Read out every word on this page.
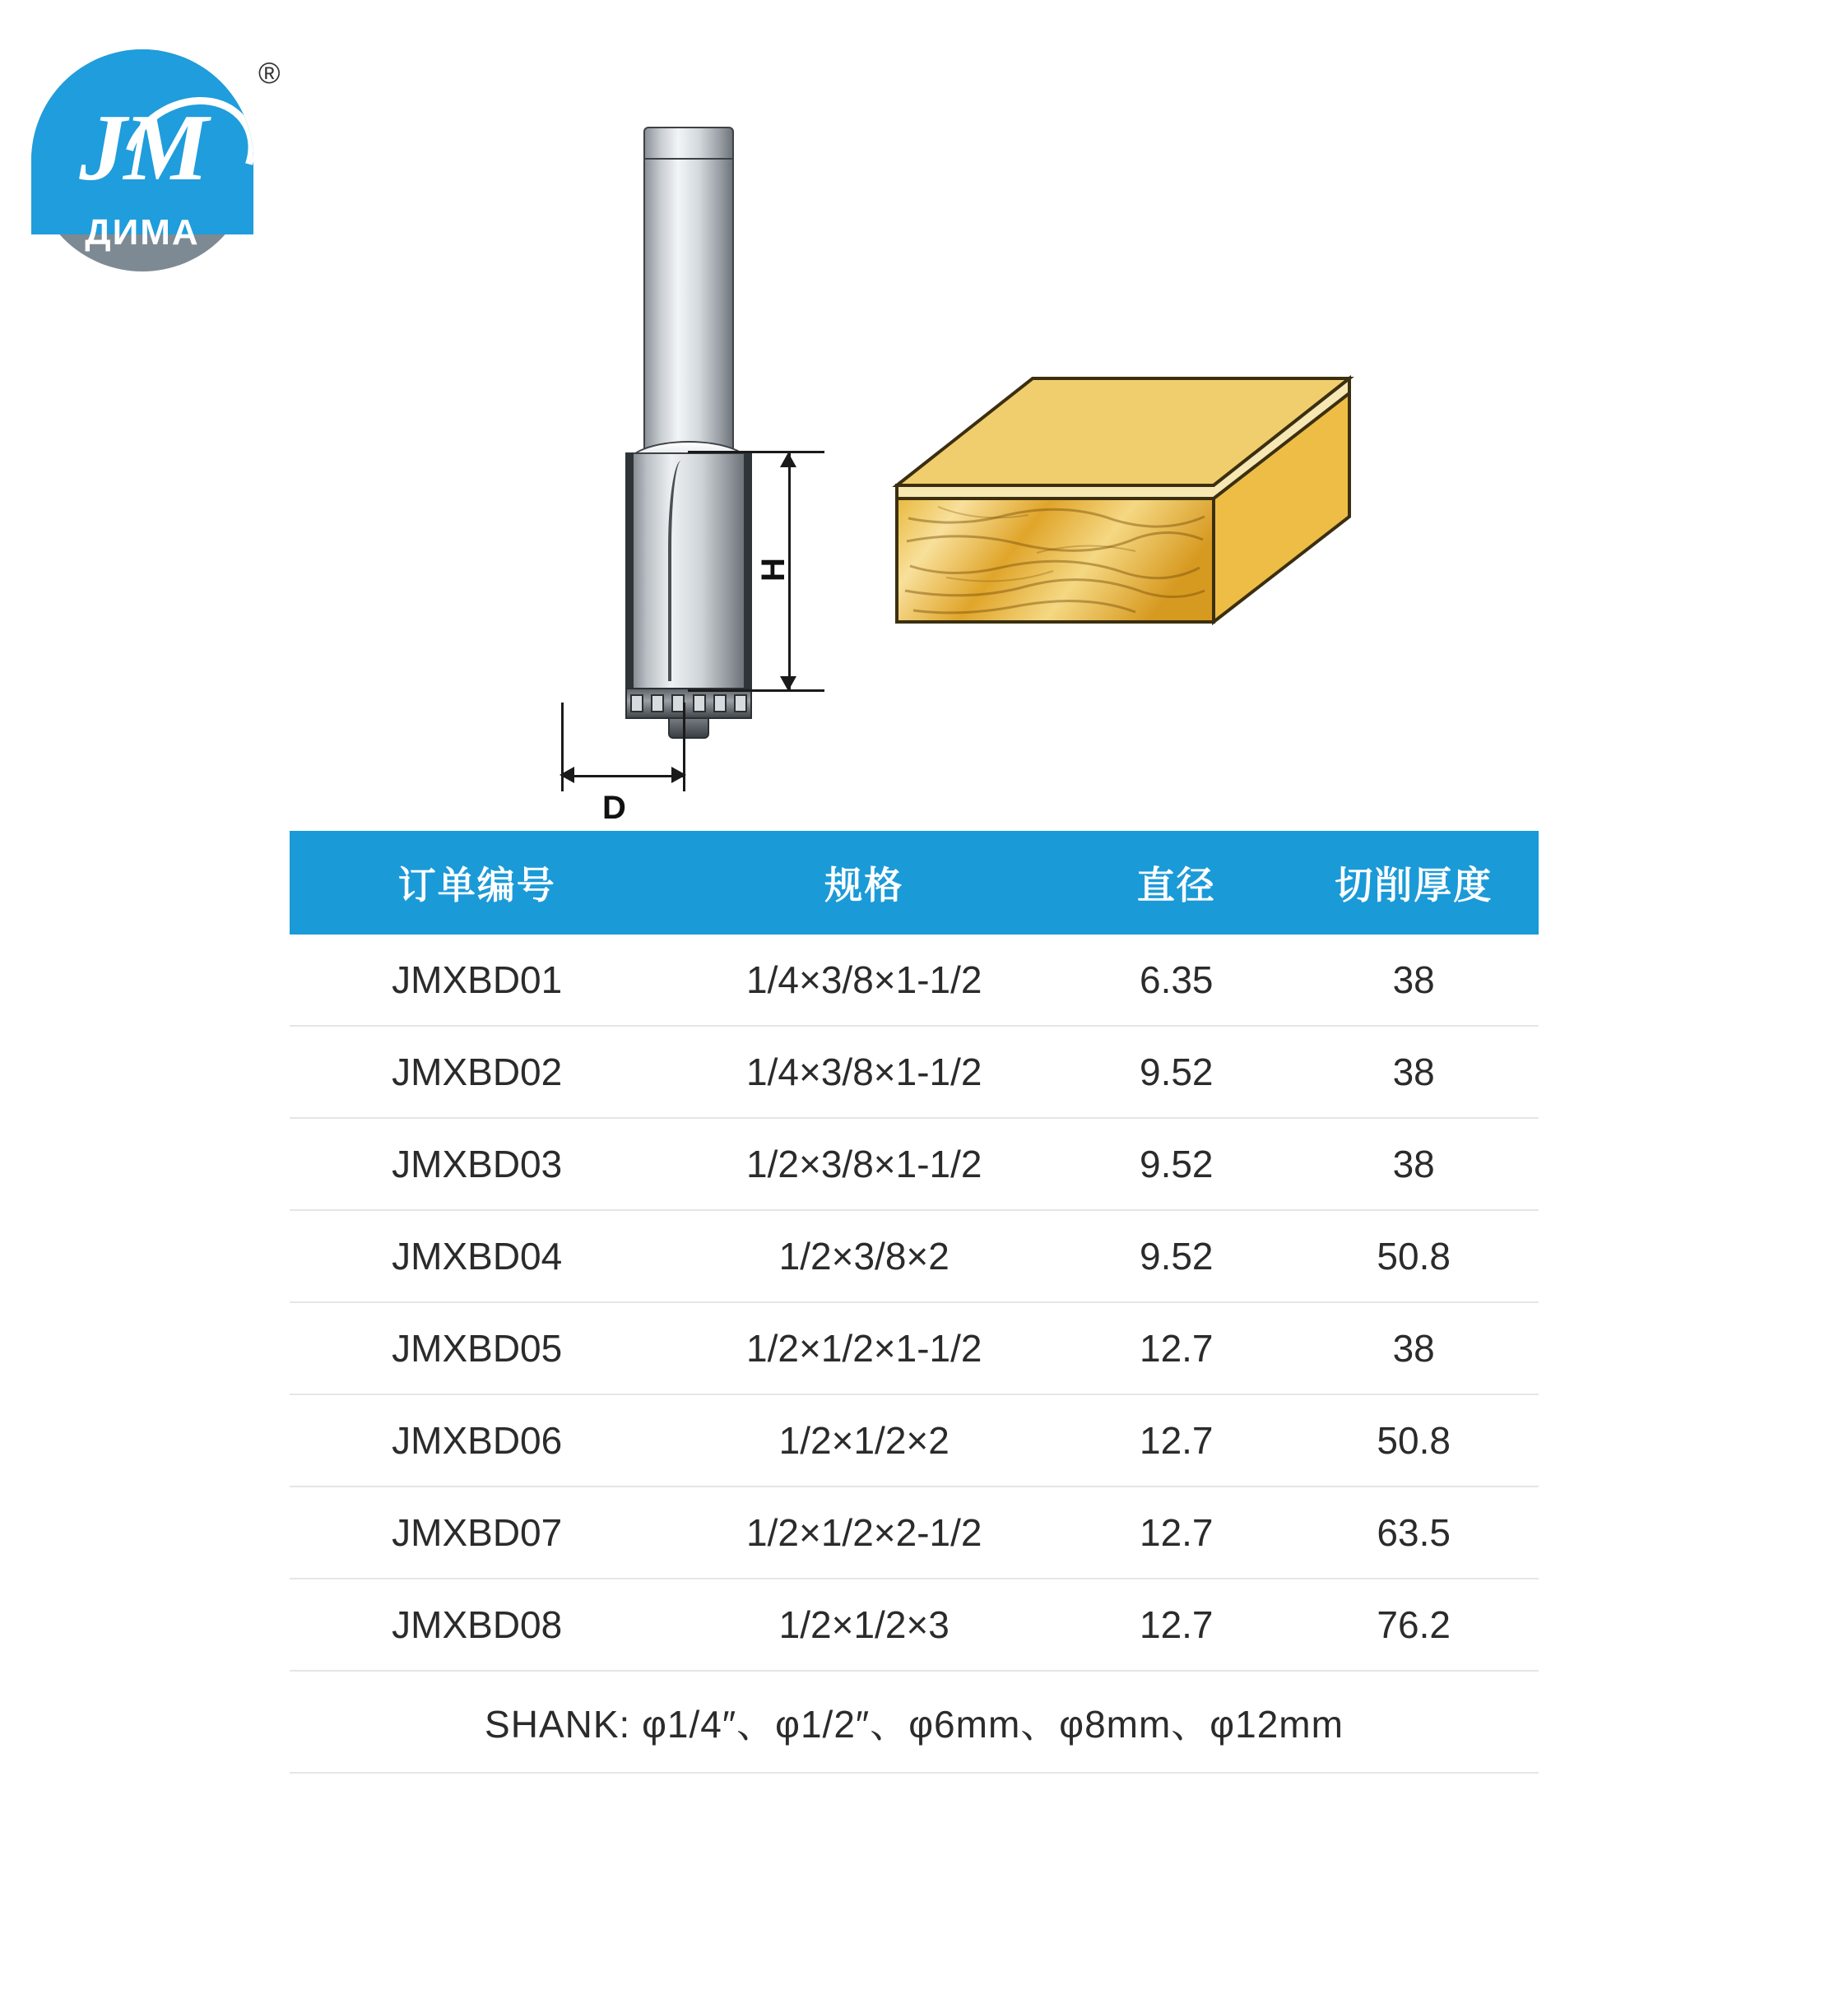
JM
ДИМА
®
H
D
订单编号	规格	直径	切削厚度
JMXBD01	1/4×3/8×1-1/2	6.35	38
JMXBD02	1/4×3/8×1-1/2	9.52	38
JMXBD03	1/2×3/8×1-1/2	9.52	38
JMXBD04	1/2×3/8×2	9.52	50.8
JMXBD05	1/2×1/2×1-1/2	12.7	38
JMXBD06	1/2×1/2×2	12.7	50.8
JMXBD07	1/2×1/2×2-1/2	12.7	63.5
JMXBD08	1/2×1/2×3	12.7	76.2
SHANK: φ1/4″、φ1/2″、φ6mm、φ8mm、φ12mm			
